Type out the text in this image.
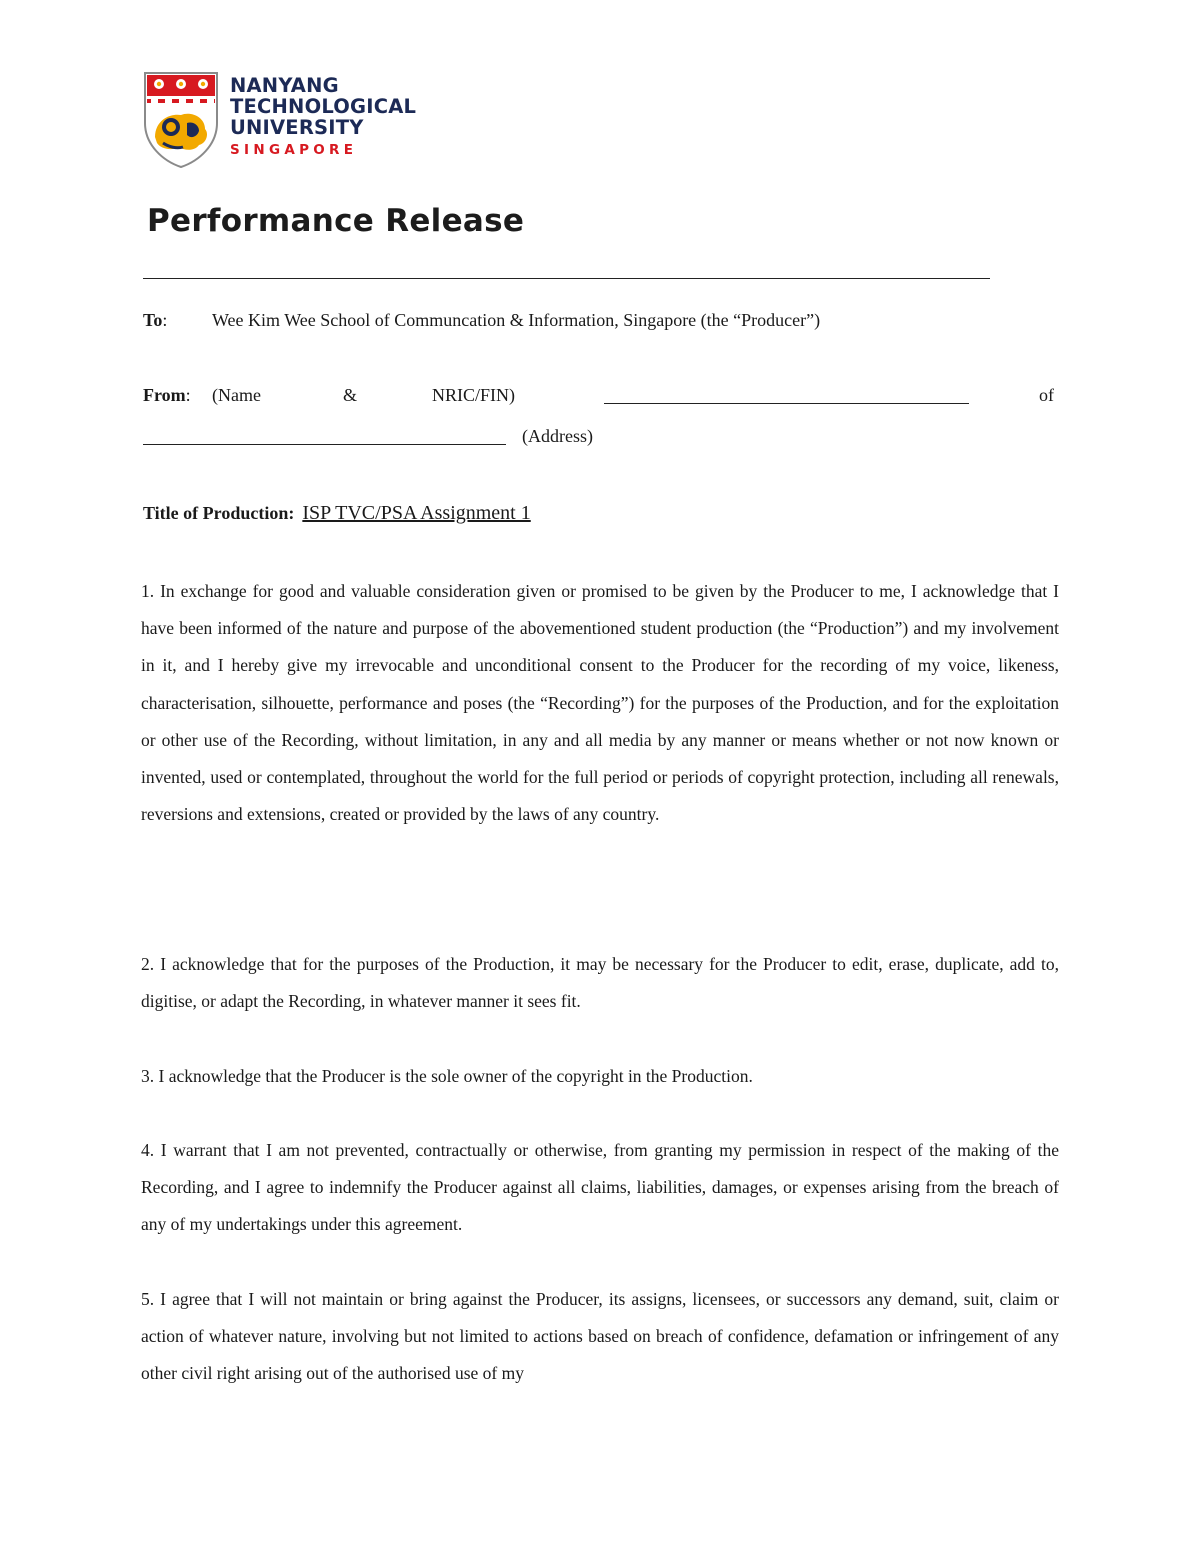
NANYANG
TECHNOLOGICAL
UNIVERSITY
SINGAPORE
Performance Release
To: Wee Kim Wee School of Communcation & Information, Singapore (the “Producer”)
From: (Name	&	NRIC/FIN)	of
(Address)
Title of Production: ISP TVC/PSA Assignment 1

1. In exchange for good and valuable consideration given or promised to be given by the Producer to me, I acknowledge that I have been informed of the nature and purpose of the abovementioned student production (the “Production”) and my involvement in it, and I hereby give my irrevocable and unconditional consent to the Producer for the recording of my voice, likeness, characterisation, silhouette, performance and poses (the “Recording”) for the purposes of the Production, and for the exploitation or other use of the Recording, without limitation, in any and all media by any manner or means whether or not now known or invented, used or contemplated, throughout the world for the full period or periods of copyright protection, including all renewals, reversions and extensions, created or provided by the laws of any country.

2. I acknowledge that for the purposes of the Production, it may be necessary for the Producer to edit, erase, duplicate, add to, digitise, or adapt the Recording, in whatever manner it sees fit.

3. I acknowledge that the Producer is the sole owner of the copyright in the Production.

4. I warrant that I am not prevented, contractually or otherwise, from granting my permission in respect of the making of the Recording, and I agree to indemnify the Producer against all claims, liabilities, damages, or expenses arising from the breach of any of my undertakings under this agreement.

5. I agree that I will not maintain or bring against the Producer, its assigns, licensees, or successors any demand, suit, claim or action of whatever nature, involving but not limited to actions based on breach of confidence, defamation or infringement of any other civil right arising out of the authorised use of my
